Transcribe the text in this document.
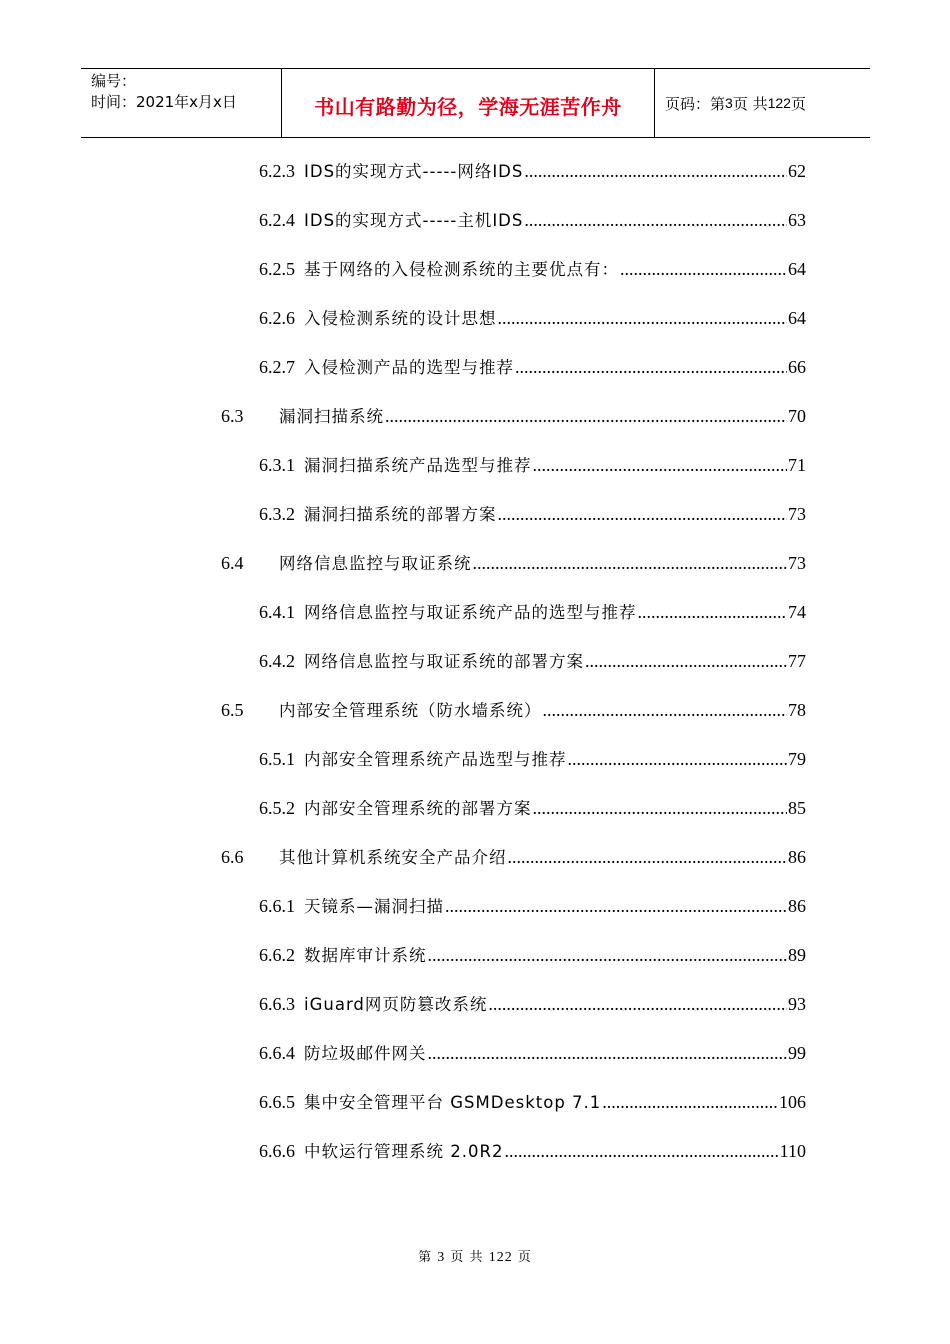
编号：
时间：2021年x月x日	书山有路勤为径，学海无涯苦作舟	页码：第 3 页 共 122 页
6.2.3 IDS的实现方式-----网络IDS .....	62
6.2.4 IDS的实现方式-----主机IDS .....	63
6.2.5 基于网络的入侵检测系统的主要优点有： .....	64
6.2.6 入侵检测系统的设计思想 .....	64
6.2.7 入侵检测产品的选型与推荐 .....	66
6.3	漏洞扫描系统 .....	70
6.3.1 漏洞扫描系统产品选型与推荐 .....	71
6.3.2 漏洞扫描系统的部署方案 .....	73
6.4	网络信息监控与取证系统 .....	73
6.4.1 网络信息监控与取证系统产品的选型与推荐 .....	74
6.4.2 网络信息监控与取证系统的部署方案 .....	77
6.5	内部安全管理系统（防水墙系统） .....	78
6.5.1 内部安全管理系统产品选型与推荐 .....	79
6.5.2 内部安全管理系统的部署方案 .....	85
6.6	其他计算机系统安全产品介绍 .....	86
6.6.1 天镜系—漏洞扫描 .....	86
6.6.2 数据库审计系统 .....	89
6.6.3 iGuard网页防篡改系统 .....	93
6.6.4 防垃圾邮件网关 .....	99
6.6.5 集中安全管理平台 GSMDesktop 7.1 .....	106
6.6.6 中软运行管理系统 2.0R2 .....	110
第 3 页 共 122 页
